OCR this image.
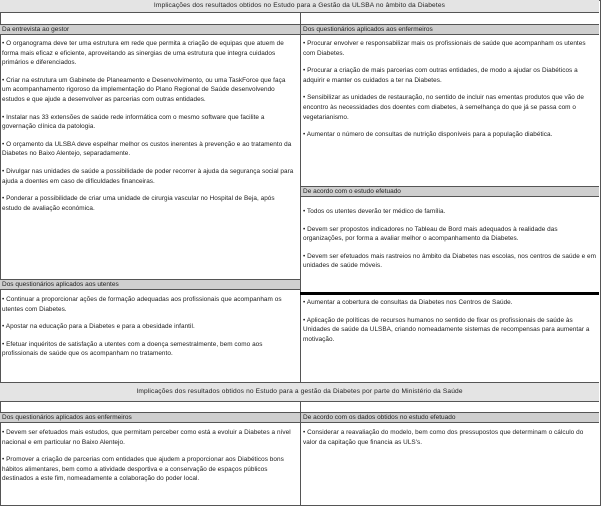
Implicações dos resultados obtidos no Estudo para a Gestão da ULSBA no âmbito da Diabetes
Da entrevista ao gestor	Dos questionários aplicados aos enfermeiros

• O organograma deve ter uma estrutura em rede que permita a criação de equipas que atuem de forma mais eficaz e eficiente, aproveitando as sinergias de uma estrutura que integra cuidados primários e diferenciados.

• Criar na estrutura um Gabinete de Planeamento e Desenvolvimento, ou uma TaskForce que faça um acompanhamento rigoroso da implementação do Plano Regional de Saúde desenvolvendo estudos e que ajude a desenvolver as parcerias com outras entidades.

• Instalar nas 33 extensões de saúde rede informática com o mesmo software que facilite a governação clínica da patologia.

• O orçamento da ULSBA deve espelhar melhor os custos inerentes à prevenção e ao tratamento da Diabetes no Baixo Alentejo, separadamente.

• Divulgar nas unidades de saúde a possibilidade de poder recorrer à ajuda da segurança social para ajuda a doentes em caso de dificuldades financeiras.

• Ponderar a possibilidade de criar uma unidade de cirurgia vascular no Hospital de Beja, após estudo de avaliação económica.

• Procurar envolver e responsabilizar mais os profissionais de saúde que acompanham os utentes com Diabetes.

• Procurar a criação de mais parcerias com outras entidades, de modo a ajudar os Diabéticos a adquirir e manter os cuidados a ter na Diabetes.

• Sensibilizar as unidades de restauração, no sentido de incluir nas ementas produtos que vão de encontro às necessidades dos doentes com diabetes, à semelhança do que já se passa com o vegetarianismo.

• Aumentar o número de consultas de nutrição disponíveis para a população diabética.

De acordo com o estudo efetuado

• Todos os utentes deverão ter médico de família.

• Devem ser propostos indicadores no Tableau de Bord mais adequados à realidade das organizações, por forma a avaliar melhor o acompanhamento da Diabetes.

• Devem ser efetuados mais rastreios no âmbito da Diabetes nas escolas, nos centros de saúde e em unidades de saúde móveis.

Dos questionários aplicados aos utentes

• Continuar a proporcionar ações de formação adequadas aos profissionais que acompanham os utentes com Diabetes.

• Apostar na educação para a Diabetes e para a obesidade infantil.

• Efetuar inquéritos de satisfação a utentes com a doença semestralmente, bem como aos profissionais de saúde que os acompanham no tratamento.

• Aumentar a cobertura de consultas da Diabetes nos Centros de Saúde.

• Aplicação de políticas de recursos humanos no sentido de fixar os profissionais de saúde às Unidades de saúde da ULSBA, criando nomeadamente sistemas de recompensas para aumentar a motivação.

Implicações dos resultados obtidos no Estudo para a gestão da Diabetes por parte do Ministério da Saúde
Dos questionários aplicados aos enfermeiros	De acordo com os dados obtidos no estudo efetuado

• Devem ser efetuados mais estudos, que permitam perceber como está a evoluir a Diabetes a nível nacional e em particular no Baixo Alentejo.

• Promover a criação de parcerias com entidades que ajudem a proporcionar aos Diabéticos bons hábitos alimentares, bem como a atividade desportiva e a conservação de espaços públicos destinados a este fim, nomeadamente a colaboração do poder local.

• Considerar a reavaliação do modelo, bem como dos pressupostos que determinam o cálculo do valor da capitação que financia as ULS's.
